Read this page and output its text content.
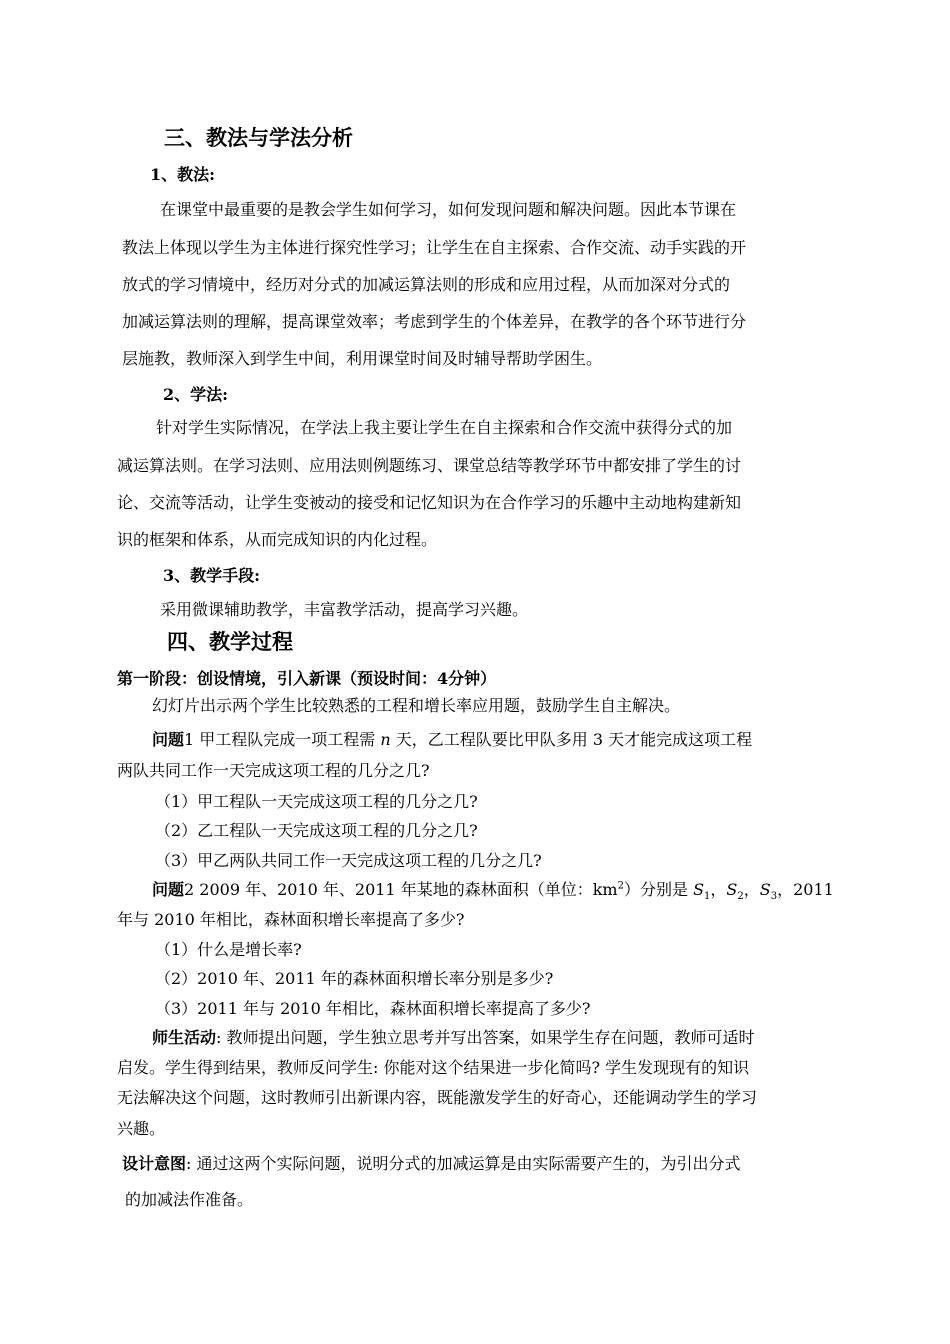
三、教法与学法分析
1、教法:
在课堂中最重要的是教会学生如何学习，如何发现问题和解决问题。因此本节课在
教法上体现以学生为主体进行探究性学习；让学生在自主探索、合作交流、动手实践的开
放式的学习情境中，经历对分式的加减运算法则的形成和应用过程，从而加深对分式的
加减运算法则的理解，提高课堂效率；考虑到学生的个体差异，在教学的各个环节进行分
层施教，教师深入到学生中间，利用课堂时间及时辅导帮助学困生。
2、学法:
针对学生实际情况，在学法上我主要让学生在自主探索和合作交流中获得分式的加
减运算法则。在学习法则、应用法则例题练习、课堂总结等教学环节中都安排了学生的讨
论、交流等活动，让学生变被动的接受和记忆知识为在合作学习的乐趣中主动地构建新知
识的框架和体系，从而完成知识的内化过程。
3、教学手段:
采用微课辅助教学，丰富教学活动，提高学习兴趣。
四、教学过程
第一阶段：创设情境，引入新课（预设时间：4分钟）
幻灯片出示两个学生比较熟悉的工程和增长率应用题，鼓励学生自主解决。
问题1 甲工程队完成一项工程需 n 天，乙工程队要比甲队多用 3 天才能完成这项工程
两队共同工作一天完成这项工程的几分之几?
（1）甲工程队一天完成这项工程的几分之几?
（2）乙工程队一天完成这项工程的几分之几?
（3）甲乙两队共同工作一天完成这项工程的几分之几?
问题2 2009 年、2010 年、2011 年某地的森林面积（单位：$km^2$）分别是 $S_1$，$S_2$，$S_3$，2011
年与 2010 年相比，森林面积增长率提高了多少?
（1）什么是增长率?
（2）2010 年、2011 年的森林面积增长率分别是多少?
（3）2011 年与 2010 年相比，森林面积增长率提高了多少?
师生活动: 教师提出问题，学生独立思考并写出答案，如果学生存在问题，教师可适时
启发。学生得到结果，教师反问学生: 你能对这个结果进一步化简吗? 学生发现现有的知识
无法解决这个问题，这时教师引出新课内容，既能激发学生的好奇心，还能调动学生的学习
兴趣。
设计意图: 通过这两个实际问题，说明分式的加减运算是由实际需要产生的，为引出分式
的加减法作准备。
